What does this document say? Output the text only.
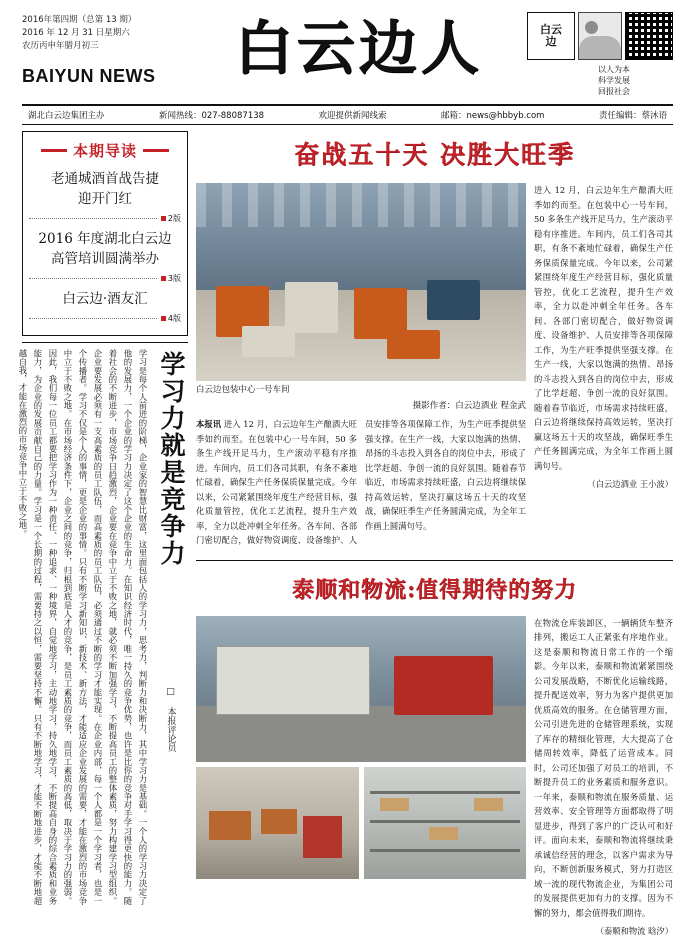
2016年第四期（总第 13 期）
2016 年 12 月 31 日星期六
农历丙申年腊月初三
BAIYUN NEWS	白云边人	白云
边
以人为本
科学发展
回报社会
湖北白云边集团主办	新闻热线：027-88087138	欢迎提供新闻线索	邮箱：news@hbbyb.com	责任编辑：蔡沐语
本期导读
老通城酒首战告捷
迎开门红
2版
2016 年度湖北白云边
高管培训圆满举办
3版
白云边·酒友汇
4版
学习力就是竞争力
□ 本报评论员
学习是每个人前进的阶梯，企业家的智慧比财富，这里面包括人的学习力，思考力，判断力和决断力，其中学习力是基础。一个人的学习力决定了他的发展力，一个企业的学习力决定了这个企业的生命力。在知识经济时代，唯一持久的竞争优势，也许是比你的竞争对手学习得更快的能力。随着社会的不断进步，市场竞争日趋激烈，企业要在竞争中立于不败之地，就必须不断加强学习，不断提高员工的整体素质，努力构建学习型组织。企业要发展必须有一支高素质的员工队伍，而高素质的员工队伍，必须通过不断的学习才能实现。在企业内部，每一个人都是一个学习者，也是一个传播者。学习不仅是个人的事情，更是企业的事情。只有不断学习新知识、新技术、新方法，才能适应企业发展的需要，才能在激烈的市场竞争中立于不败之地。在市场经济条件下，企业之间的竞争，归根到底是人才的竞争，是员工素质的竞争，而员工素质的高低，取决于学习力的强弱。因此，我们每一位员工都要把学习作为一种责任、一种追求、一种境界，自觉地学习，主动地学习，持久地学习，不断提高自身的综合素质和业务能力，为企业的发展贡献自己的力量。学习是一个长期的过程，需要持之以恒，需要坚持不懈。只有不断地学习，才能不断地进步，才能不断地超越自我，才能在激烈的市场竞争中立于不败之地。
奋战五十天 决胜大旺季
白云边包装中心一号车间
摄影作者：白云边酒业 程金武
本报讯 进入 12 月，白云边年生产酿酒大旺季如约而至。在包装中心一号车间，50 多条生产线开足马力，生产滚动平稳有序推进。车间内，员工们各司其职，有条不紊地忙碌着，确保生产任务保质保量完成。今年以来，公司紧紧围绕年度生产经营目标，强化质量管控，优化工艺流程，提升生产效率，全力以赴冲刺全年任务。各车间、各部门密切配合，做好物资调度、设备维护、人员安排等各项保障工作，为生产旺季提供坚强支撑。在生产一线，大家以饱满的热情、昂扬的斗志投入到各自的岗位中去，形成了比学赶超、争创一流的良好氛围。随着春节临近，市场需求持续旺盛，白云边将继续保持高效运转，坚决打赢这场五十天的攻坚战，确保旺季生产任务圆满完成，为全年工作画上圆满句号。
进入 12 月，白云边年生产酿酒大旺季如约而至。在包装中心一号车间，50 多条生产线开足马力，生产滚动平稳有序推进。车间内，员工们各司其职，有条不紊地忙碌着，确保生产任务保质保量完成。今年以来，公司紧紧围绕年度生产经营目标，强化质量管控，优化工艺流程，提升生产效率，全力以赴冲刺全年任务。各车间、各部门密切配合，做好物资调度、设备维护、人员安排等各项保障工作，为生产旺季提供坚强支撑。在生产一线，大家以饱满的热情、昂扬的斗志投入到各自的岗位中去，形成了比学赶超、争创一流的良好氛围。随着春节临近，市场需求持续旺盛，白云边将继续保持高效运转，坚决打赢这场五十天的攻坚战，确保旺季生产任务圆满完成，为全年工作画上圆满句号。
（白云边酒业 王小波）
泰顺和物流:值得期待的努力
在物流仓库装卸区，一辆辆货车整齐排列，搬运工人正紧张有序地作业。这是泰顺和物流日常工作的一个缩影。今年以来，泰顺和物流紧紧围绕公司发展战略，不断优化运输线路，提升配送效率，努力为客户提供更加优质高效的服务。在仓储管理方面，公司引进先进的仓储管理系统，实现了库存的精细化管理，大大提高了仓储周转效率，降低了运营成本。同时，公司还加强了对员工的培训，不断提升员工的业务素质和服务意识。一年来，泰顺和物流在服务质量、运营效率、安全管理等方面都取得了明显进步，得到了客户的广泛认可和好评。面向未来，泰顺和物流将继续秉承诚信经营的理念，以客户需求为导向，不断创新服务模式，努力打造区域一流的现代物流企业，为集团公司的发展提供更加有力的支撑。因为不懈的努力，都会值得我们期待。
（泰顺和物流 晗汐）
